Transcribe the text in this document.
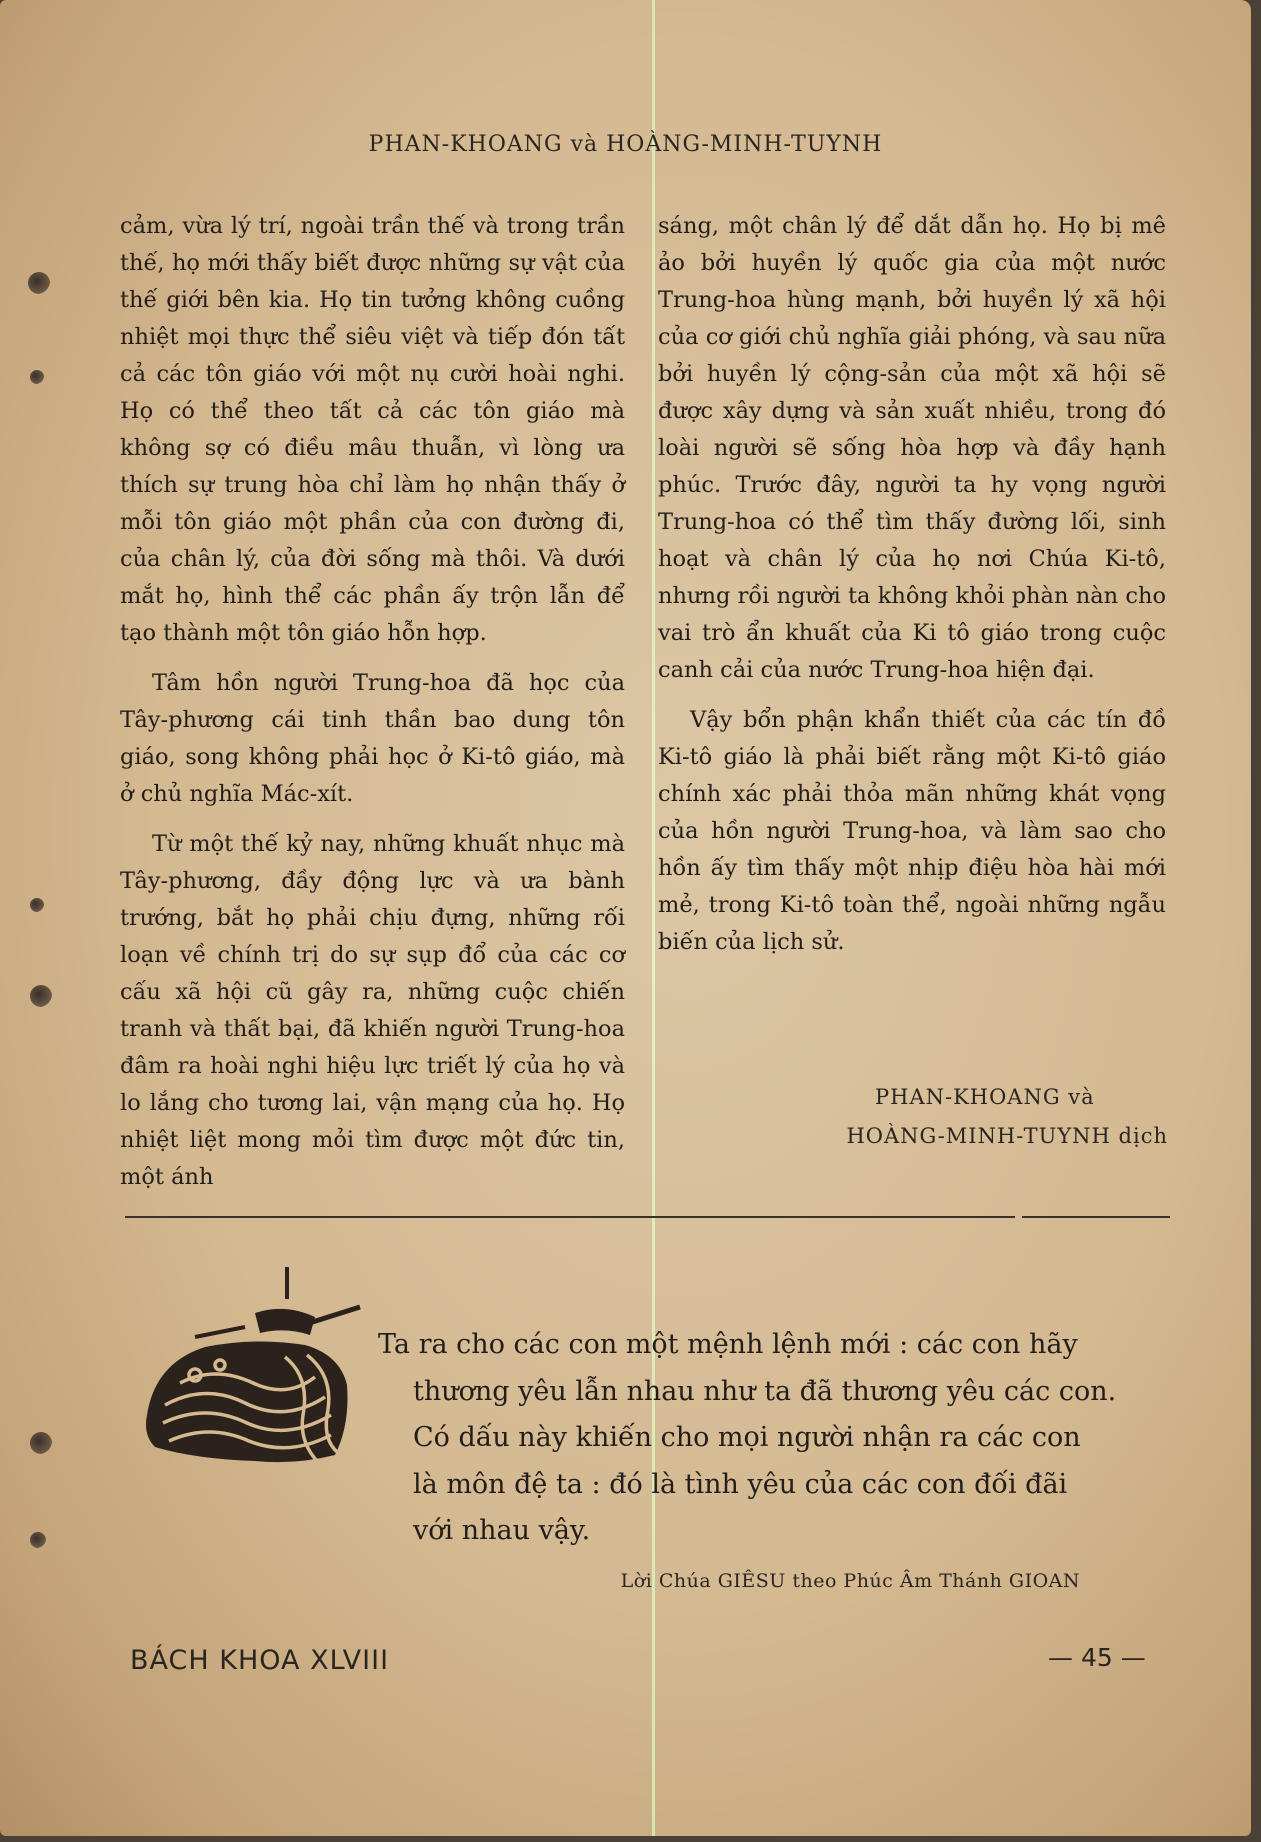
PHAN-KHOANG và HOÀNG-MINH-TUYNH

cảm, vừa lý trí, ngoài trần thế và trong trần thế, họ mới thấy biết được những sự vật của thế giới bên kia. Họ tin tưởng không cuồng nhiệt mọi thực thể siêu việt và tiếp đón tất cả các tôn giáo với một nụ cười hoài nghi. Họ có thể theo tất cả các tôn giáo mà không sợ có điều mâu thuẫn, vì lòng ưa thích sự trung hòa chỉ làm họ nhận thấy ở mỗi tôn giáo một phần của con đường đi, của chân lý, của đời sống mà thôi. Và dưới mắt họ, hình thể các phần ấy trộn lẫn để tạo thành một tôn giáo hỗn hợp.

Tâm hồn người Trung-hoa đã học của Tây-phương cái tinh thần bao dung tôn giáo, song không phải học ở Ki-tô giáo, mà ở chủ nghĩa Mác-xít.

Từ một thế kỷ nay, những khuất nhục mà Tây-phương, đầy động lực và ưa bành trướng, bắt họ phải chịu đựng, những rối loạn về chính trị do sự sụp đổ của các cơ cấu xã hội cũ gây ra, những cuộc chiến tranh và thất bại, đã khiến người Trung-hoa đâm ra hoài nghi hiệu lực triết lý của họ và lo lắng cho tương lai, vận mạng của họ. Họ nhiệt liệt mong mỏi tìm được một đức tin, một ánh

sáng, một chân lý để dắt dẫn họ. Họ bị mê ảo bởi huyền lý quốc gia của một nước Trung-hoa hùng mạnh, bởi huyền lý xã hội của cơ giới chủ nghĩa giải phóng, và sau nữa bởi huyền lý cộng-sản của một xã hội sẽ được xây dựng và sản xuất nhiều, trong đó loài người sẽ sống hòa hợp và đầy hạnh phúc. Trước đây, người ta hy vọng người Trung-hoa có thể tìm thấy đường lối, sinh hoạt và chân lý của họ nơi Chúa Ki-tô, nhưng rồi người ta không khỏi phàn nàn cho vai trò ẩn khuất của Ki tô giáo trong cuộc canh cải của nước Trung-hoa hiện đại.

Vậy bổn phận khẩn thiết của các tín đồ Ki-tô giáo là phải biết rằng một Ki-tô giáo chính xác phải thỏa mãn những khát vọng của hồn người Trung-hoa, và làm sao cho hồn ấy tìm thấy một nhịp điệu hòa hài mới mẻ, trong Ki-tô toàn thể, ngoài những ngẫu biến của lịch sử.

PHAN-KHOANG và
HOÀNG-MINH-TUYNH dịch

Ta ra cho các con một mệnh lệnh mới : các con hãy

thương yêu lẫn nhau như ta đã thương yêu các con.

Có dấu này khiến cho mọi người nhận ra các con

là môn đệ ta : đó là tình yêu của các con đối đãi

với nhau vậy.

Lời Chúa GIÊSU theo Phúc Âm Thánh GIOAN
BÁCH KHOA XLVIII	— 45 —
